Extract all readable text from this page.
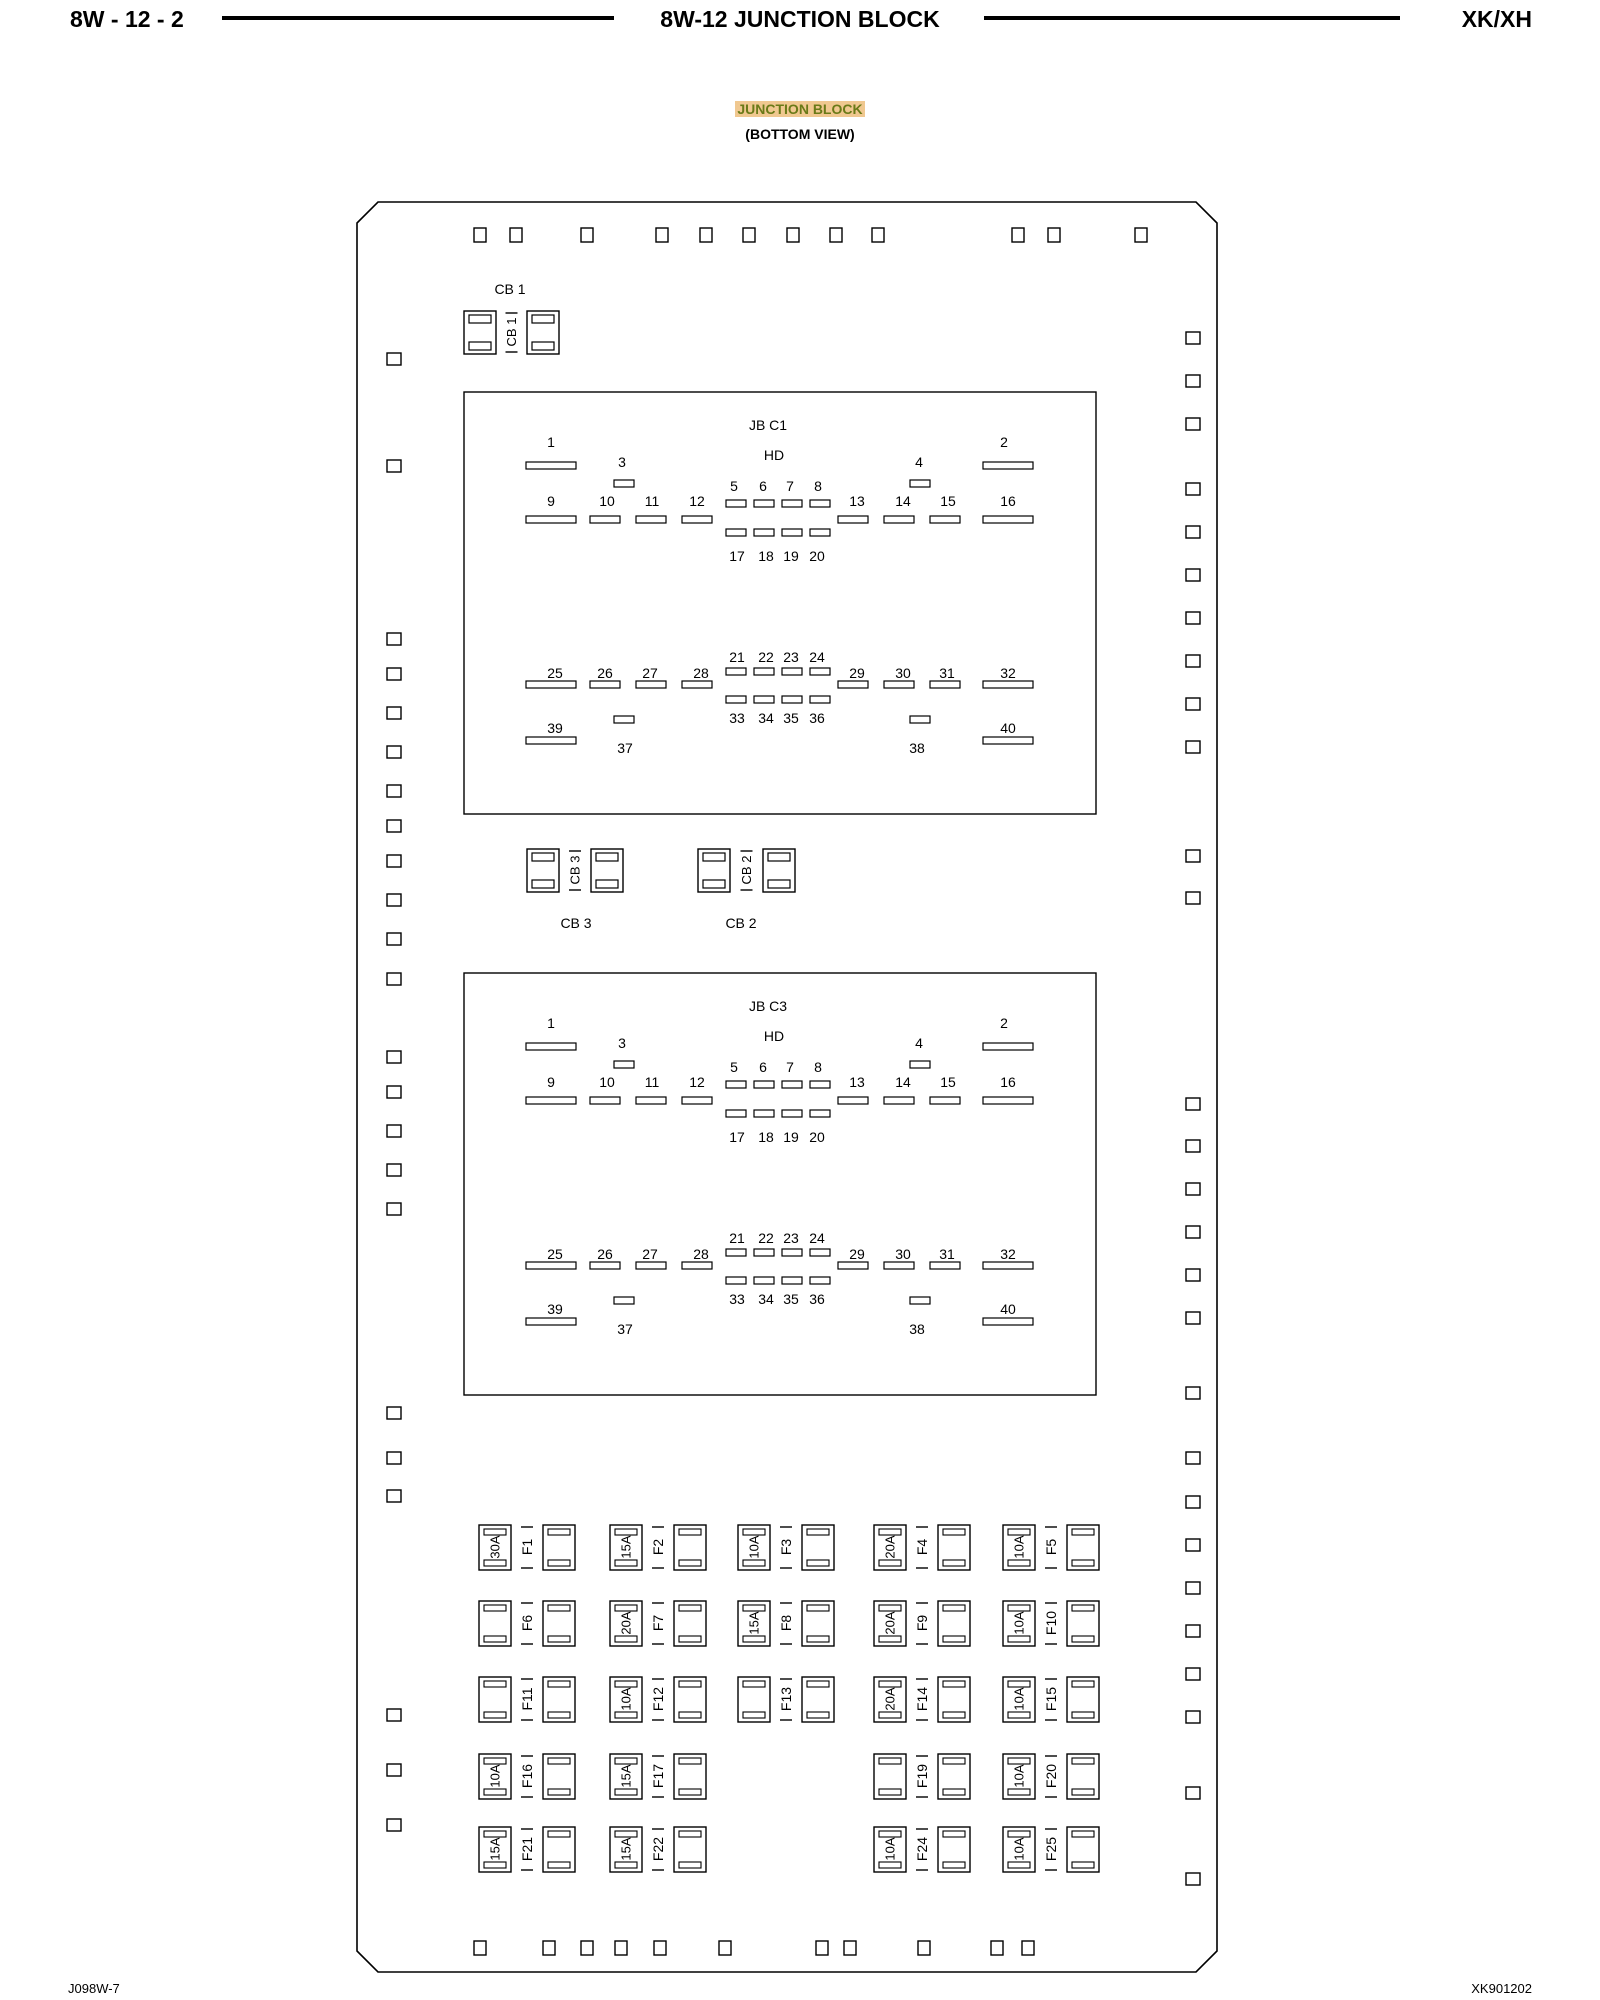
8W - 12 - 2	8W-12 JUNCTION BLOCK	XK/XH
JUNCTION BLOCK
(BOTTOM VIEW)
CB 1
CB 1
CB 3
CB 3
CB 2
CB 2
JB C1
HD
1	2
3	4
9	10 11 12	13 14 15	16
5 6 7 8
17 18 19 20
21 22 23 24
25 26 27	28	29 30 31	32
33 34 35 36
37	38
39	40
JB C3
HD
1	2
3	4
9	10 11 12	13 14 15	16
5 6 7 8
17 18 19 20
21 22 23 24
25 26 27	28	29 30 31	32
33 34 35 36
37	38
39	40
F1
30A	F2
15A	F3
10A	F4
20A	F5
10A
F6	F7
20A	F8
15A	F9
20A	F10
10A
F11	F12
10A	F13	F14
20A	F15
10A
F16
10A	F17
15A	F19	F20
10A
F21
15A	F22
15A	F24
10A	F25
10A
J098W-7	XK901202
